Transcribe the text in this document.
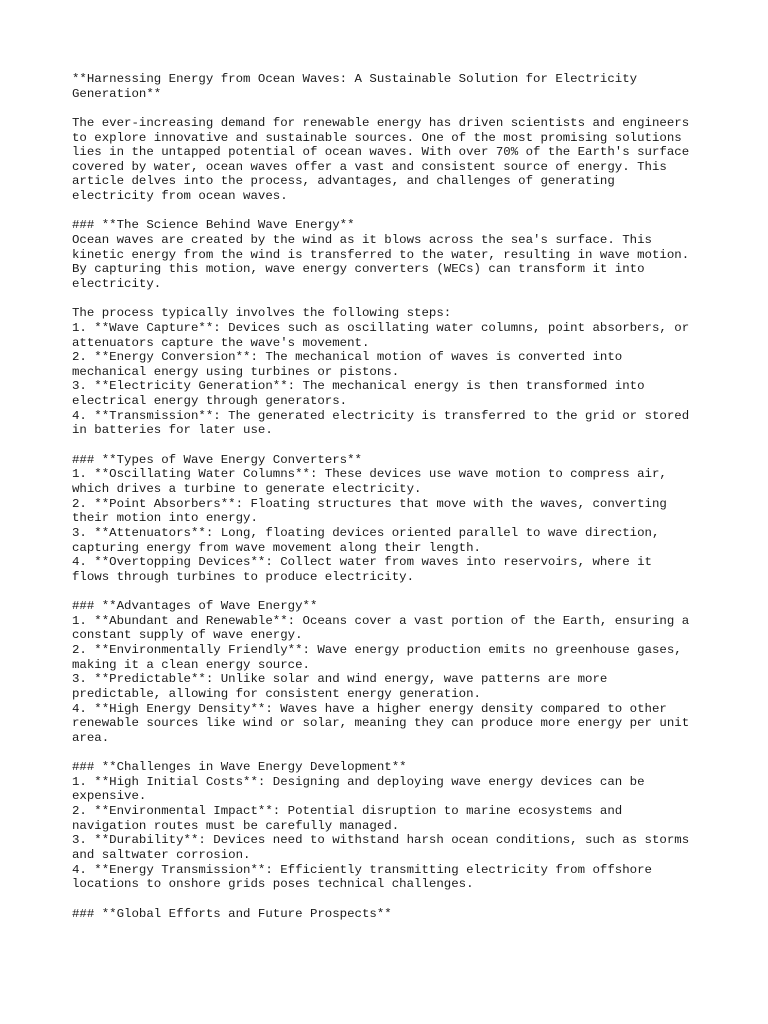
**Harnessing Energy from Ocean Waves: A Sustainable Solution for Electricity
Generation**
The ever-increasing demand for renewable energy has driven scientists and engineers
to explore innovative and sustainable sources. One of the most promising solutions
lies in the untapped potential of ocean waves. With over 70% of the Earth's surface
covered by water, ocean waves offer a vast and consistent source of energy. This
article delves into the process, advantages, and challenges of generating
electricity from ocean waves.
### **The Science Behind Wave Energy**
Ocean waves are created by the wind as it blows across the sea's surface. This
kinetic energy from the wind is transferred to the water, resulting in wave motion.
By capturing this motion, wave energy converters (WECs) can transform it into
electricity.
The process typically involves the following steps:
1. **Wave Capture**: Devices such as oscillating water columns, point absorbers, or
attenuators capture the wave's movement.
2. **Energy Conversion**: The mechanical motion of waves is converted into
mechanical energy using turbines or pistons.
3. **Electricity Generation**: The mechanical energy is then transformed into
electrical energy through generators.
4. **Transmission**: The generated electricity is transferred to the grid or stored
in batteries for later use.
### **Types of Wave Energy Converters**
1. **Oscillating Water Columns**: These devices use wave motion to compress air,
which drives a turbine to generate electricity.
2. **Point Absorbers**: Floating structures that move with the waves, converting
their motion into energy.
3. **Attenuators**: Long, floating devices oriented parallel to wave direction,
capturing energy from wave movement along their length.
4. **Overtopping Devices**: Collect water from waves into reservoirs, where it
flows through turbines to produce electricity.
### **Advantages of Wave Energy**
1. **Abundant and Renewable**: Oceans cover a vast portion of the Earth, ensuring a
constant supply of wave energy.
2. **Environmentally Friendly**: Wave energy production emits no greenhouse gases,
making it a clean energy source.
3. **Predictable**: Unlike solar and wind energy, wave patterns are more
predictable, allowing for consistent energy generation.
4. **High Energy Density**: Waves have a higher energy density compared to other
renewable sources like wind or solar, meaning they can produce more energy per unit
area.
### **Challenges in Wave Energy Development**
1. **High Initial Costs**: Designing and deploying wave energy devices can be
expensive.
2. **Environmental Impact**: Potential disruption to marine ecosystems and
navigation routes must be carefully managed.
3. **Durability**: Devices need to withstand harsh ocean conditions, such as storms
and saltwater corrosion.
4. **Energy Transmission**: Efficiently transmitting electricity from offshore
locations to onshore grids poses technical challenges.
### **Global Efforts and Future Prospects**
